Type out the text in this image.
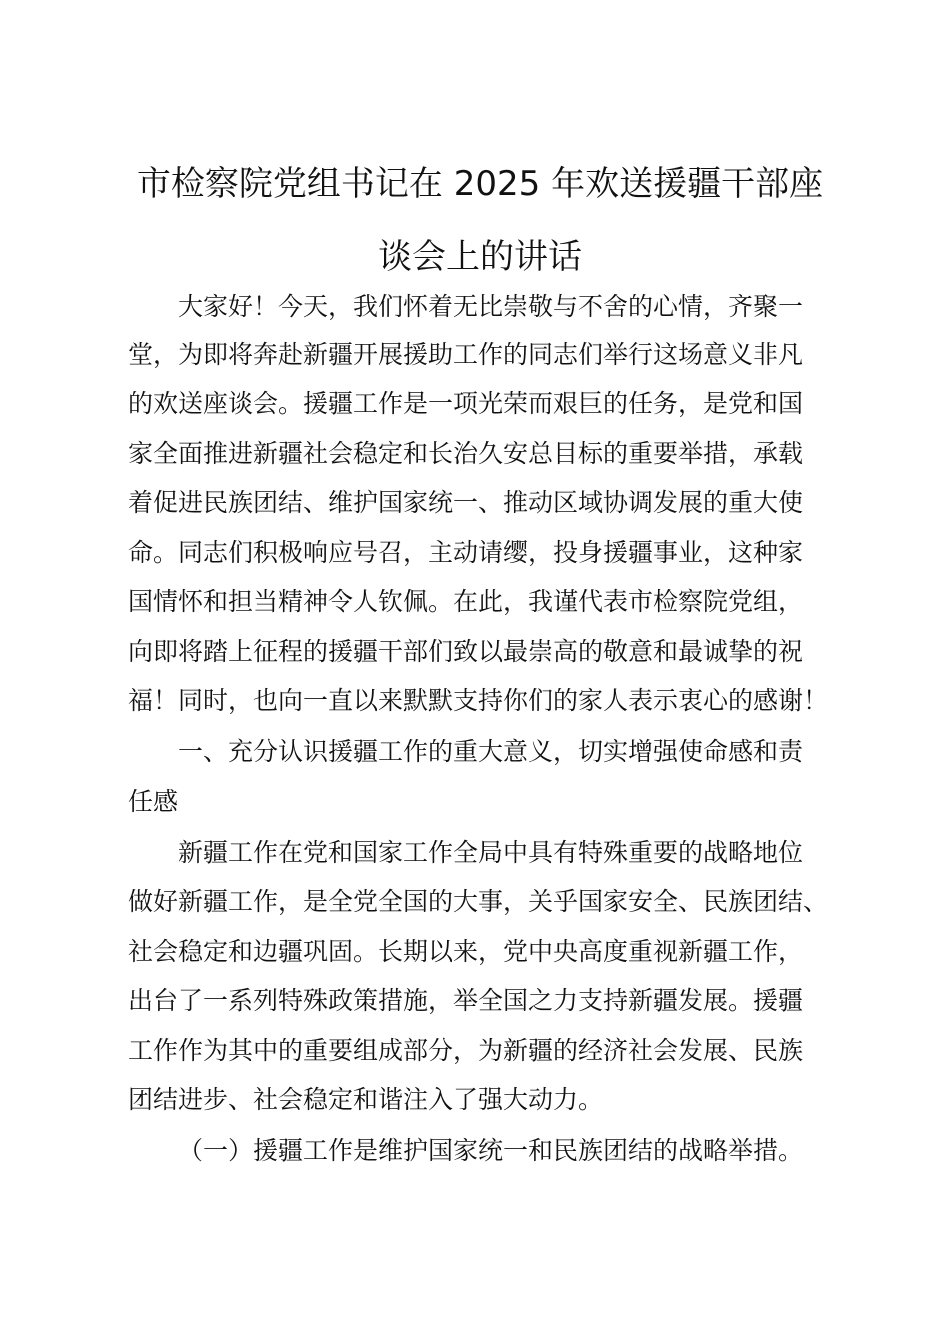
市检察院党组书记在 2025 年欢送援疆干部座
谈会上的讲话

大家好！今天，我们怀着无比崇敬与不舍的心情，齐聚一

堂，为即将奔赴新疆开展援助工作的同志们举行这场意义非凡

的欢送座谈会。援疆工作是一项光荣而艰巨的任务，是党和国

家全面推进新疆社会稳定和长治久安总目标的重要举措，承载

着促进民族团结、维护国家统一、推动区域协调发展的重大使

命。同志们积极响应号召，主动请缨，投身援疆事业，这种家

国情怀和担当精神令人钦佩。在此，我谨代表市检察院党组，

向即将踏上征程的援疆干部们致以最崇高的敬意和最诚挚的祝

福！同时，也向一直以来默默支持你们的家人表示衷心的感谢！

一、充分认识援疆工作的重大意义，切实增强使命感和责

任感

新疆工作在党和国家工作全局中具有特殊重要的战略地位

做好新疆工作，是全党全国的大事，关乎国家安全、民族团结、

社会稳定和边疆巩固。长期以来，党中央高度重视新疆工作，

出台了一系列特殊政策措施，举全国之力支持新疆发展。援疆

工作作为其中的重要组成部分，为新疆的经济社会发展、民族

团结进步、社会稳定和谐注入了强大动力。

（一）援疆工作是维护国家统一和民族团结的战略举措。
